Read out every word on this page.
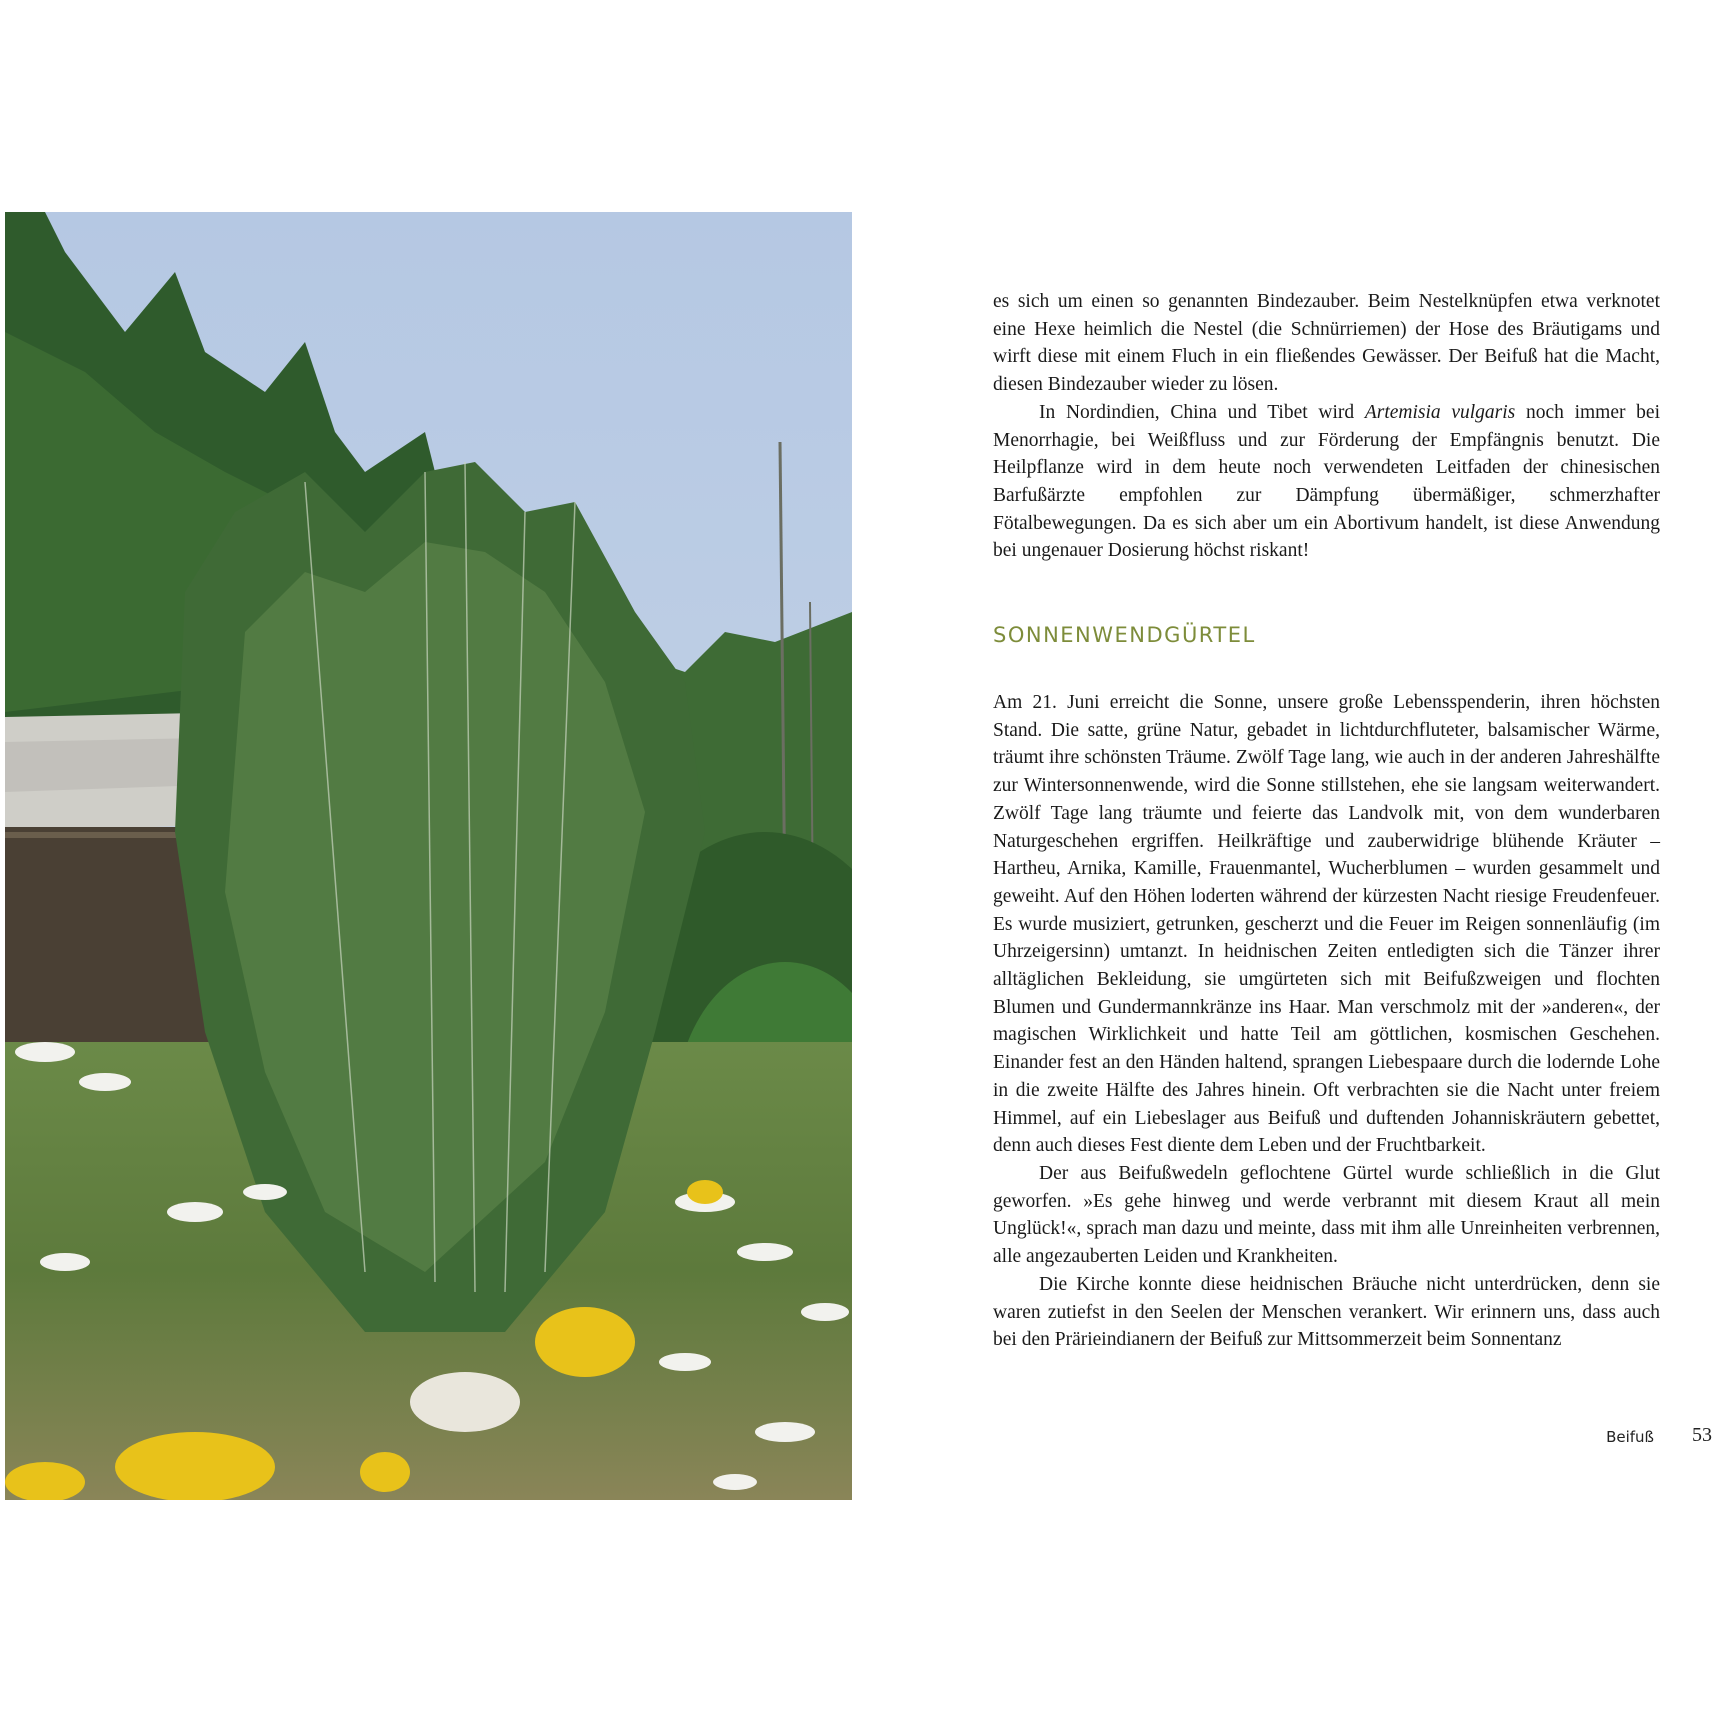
es sich um einen so genannten Bindezauber. Beim Nestelknüpfen etwa verknotet eine Hexe heimlich die Nestel (die Schnürriemen) der Hose des Bräutigams und wirft diese mit einem Fluch in ein fließendes Gewässer. Der Beifuß hat die Macht, diesen Bindezauber wieder zu lösen.

In Nordindien, China und Tibet wird Artemisia vulgaris noch immer bei Menorrhagie, bei Weißfluss und zur Förderung der Empfängnis benutzt. Die Heilpflanze wird in dem heute noch verwendeten Leitfaden der chinesischen Barfußärzte empfohlen zur Dämpfung übermäßiger, schmerzhafter Fötalbewegungen. Da es sich aber um ein Abortivum handelt, ist diese Anwendung bei ungenauer Dosierung höchst riskant!

SONNENWENDGÜRTEL

Am 21. Juni erreicht die Sonne, unsere große Lebensspenderin, ihren höchsten Stand. Die satte, grüne Natur, gebadet in lichtdurchfluteter, balsamischer Wärme, träumt ihre schönsten Träume. Zwölf Tage lang, wie auch in der anderen Jahreshälfte zur Wintersonnenwende, wird die Sonne stillstehen, ehe sie langsam weiterwandert. Zwölf Tage lang träumte und feierte das Landvolk mit, von dem wunderbaren Naturgeschehen ergriffen. Heilkräftige und zauberwidrige blühende Kräuter – Hartheu, Arnika, Kamille, Frauenmantel, Wucherblumen – wurden gesammelt und geweiht. Auf den Höhen loderten während der kürzesten Nacht riesige Freudenfeuer. Es wurde musiziert, getrunken, gescherzt und die Feuer im Reigen sonnenläufig (im Uhrzeigersinn) umtanzt. In heidnischen Zeiten entledigten sich die Tänzer ihrer alltäglichen Bekleidung, sie umgürteten sich mit Beifußzweigen und flochten Blumen und Gundermannkränze ins Haar. Man verschmolz mit der »anderen«, der magischen Wirklichkeit und hatte Teil am göttlichen, kosmischen Geschehen. Einander fest an den Händen haltend, sprangen Liebespaare durch die lodernde Lohe in die zweite Hälfte des Jahres hinein. Oft verbrachten sie die Nacht unter freiem Himmel, auf ein Liebeslager aus Beifuß und duftenden Johanniskräutern gebettet, denn auch dieses Fest diente dem Leben und der Fruchtbarkeit.

Der aus Beifußwedeln geflochtene Gürtel wurde schließlich in die Glut geworfen. »Es gehe hinweg und werde verbrannt mit diesem Kraut all mein Unglück!«, sprach man dazu und meinte, dass mit ihm alle Unreinheiten verbrennen, alle angezauberten Leiden und Krankheiten.

Die Kirche konnte diese heidnischen Bräuche nicht unterdrücken, denn sie waren zutiefst in den Seelen der Menschen verankert. Wir erinnern uns, dass auch bei den Prärieindianern der Beifuß zur Mittsommerzeit beim Sonnentanz

Beifuß 53
